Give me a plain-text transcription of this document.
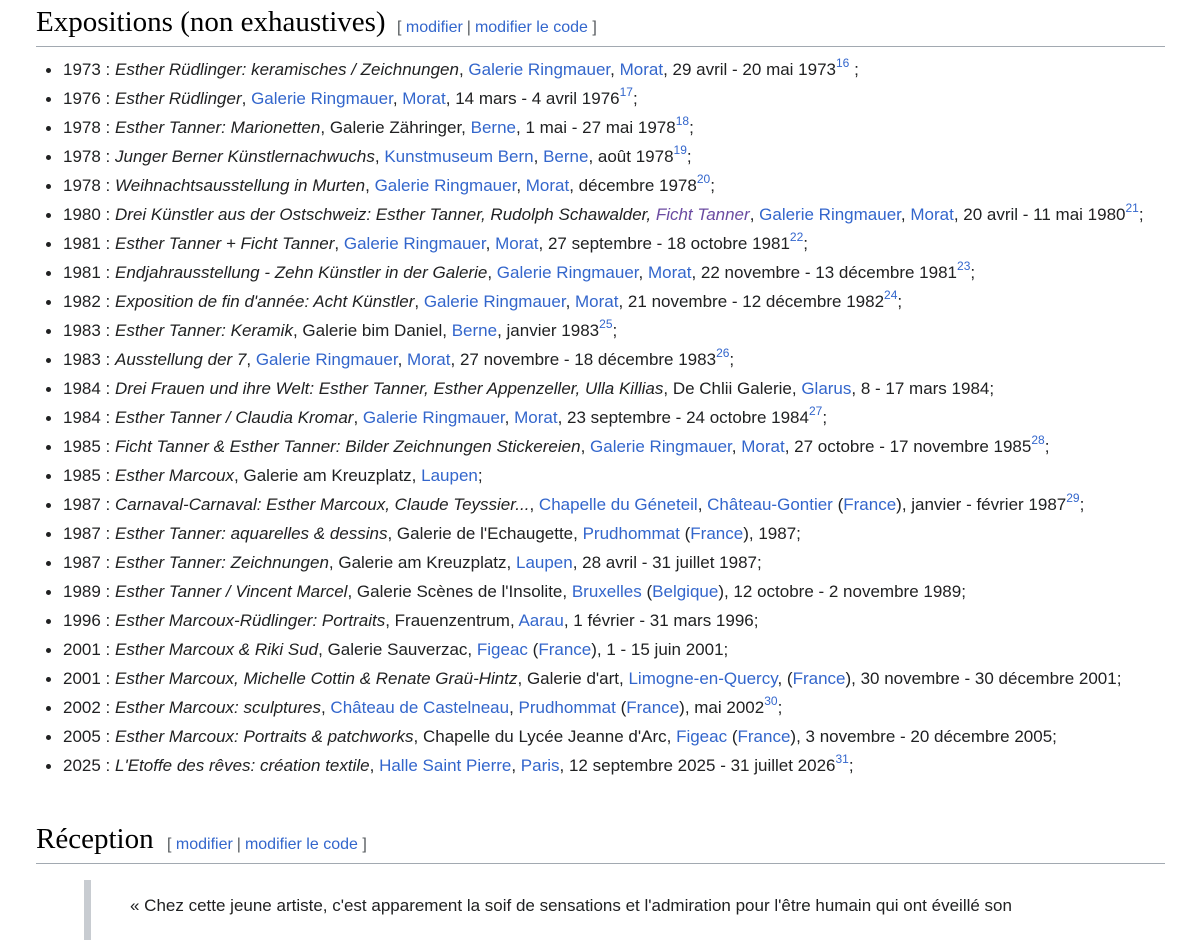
Expositions (non exhaustives) [ modifier | modifier le code ]
1973 : Esther Rüdlinger: keramisches / Zeichnungen, Galerie Ringmauer, Morat, 29 avril - 20 mai 1973$^{16}$ ;
1976 : Esther Rüdlinger, Galerie Ringmauer, Morat, 14 mars - 4 avril 1976$^{17}$;
1978 : Esther Tanner: Marionetten, Galerie Zähringer, Berne, 1 mai - 27 mai 1978$^{18}$;
1978 : Junger Berner Künstlernachwuchs, Kunstmuseum Bern, Berne, août 1978$^{19}$;
1978 : Weihnachtsausstellung in Murten, Galerie Ringmauer, Morat, décembre 1978$^{20}$;
1980 : Drei Künstler aus der Ostschweiz: Esther Tanner, Rudolph Schawalder, Ficht Tanner, Galerie Ringmauer, Morat, 20 avril - 11 mai 1980$^{21}$;
1981 : Esther Tanner + Ficht Tanner, Galerie Ringmauer, Morat, 27 septembre - 18 octobre 1981$^{22}$;
1981 : Endjahrausstellung - Zehn Künstler in der Galerie, Galerie Ringmauer, Morat, 22 novembre - 13 décembre 1981$^{23}$;
1982 : Exposition de fin d'année: Acht Künstler, Galerie Ringmauer, Morat, 21 novembre - 12 décembre 1982$^{24}$;
1983 : Esther Tanner: Keramik, Galerie bim Daniel, Berne, janvier 1983$^{25}$;
1983 : Ausstellung der 7, Galerie Ringmauer, Morat, 27 novembre - 18 décembre 1983$^{26}$;
1984 : Drei Frauen und ihre Welt: Esther Tanner, Esther Appenzeller, Ulla Killias, De Chlii Galerie, Glarus, 8 - 17 mars 1984;
1984 : Esther Tanner / Claudia Kromar, Galerie Ringmauer, Morat, 23 septembre - 24 octobre 1984$^{27}$;
1985 : Ficht Tanner & Esther Tanner: Bilder Zeichnungen Stickereien, Galerie Ringmauer, Morat, 27 octobre - 17 novembre 1985$^{28}$;
1985 : Esther Marcoux, Galerie am Kreuzplatz, Laupen;
1987 : Carnaval-Carnaval: Esther Marcoux, Claude Teyssier..., Chapelle du Géneteil, Château-Gontier (France), janvier - février 1987$^{29}$;
1987 : Esther Tanner: aquarelles & dessins, Galerie de l'Echaugette, Prudhommat (France), 1987;
1987 : Esther Tanner: Zeichnungen, Galerie am Kreuzplatz, Laupen, 28 avril - 31 juillet 1987;
1989 : Esther Tanner / Vincent Marcel, Galerie Scènes de l'Insolite, Bruxelles (Belgique), 12 octobre - 2 novembre 1989;
1996 : Esther Marcoux-Rüdlinger: Portraits, Frauenzentrum, Aarau, 1 février - 31 mars 1996;
2001 : Esther Marcoux & Riki Sud, Galerie Sauverzac, Figeac (France), 1 - 15 juin 2001;
2001 : Esther Marcoux, Michelle Cottin & Renate Graü-Hintz, Galerie d'art, Limogne-en-Quercy, (France), 30 novembre - 30 décembre 2001;
2002 : Esther Marcoux: sculptures, Château de Castelneau, Prudhommat (France), mai 2002$^{30}$;
2005 : Esther Marcoux: Portraits & patchworks, Chapelle du Lycée Jeanne d'Arc, Figeac (France), 3 novembre - 20 décembre 2005;
2025 : L'Etoffe des rêves: création textile, Halle Saint Pierre, Paris, 12 septembre 2025 - 31 juillet 2026$^{31}$;
Réception [ modifier | modifier le code ]

« Chez cette jeune artiste, c'est apparement la soif de sensations et l'admiration pour l'être humain qui ont éveillé son
